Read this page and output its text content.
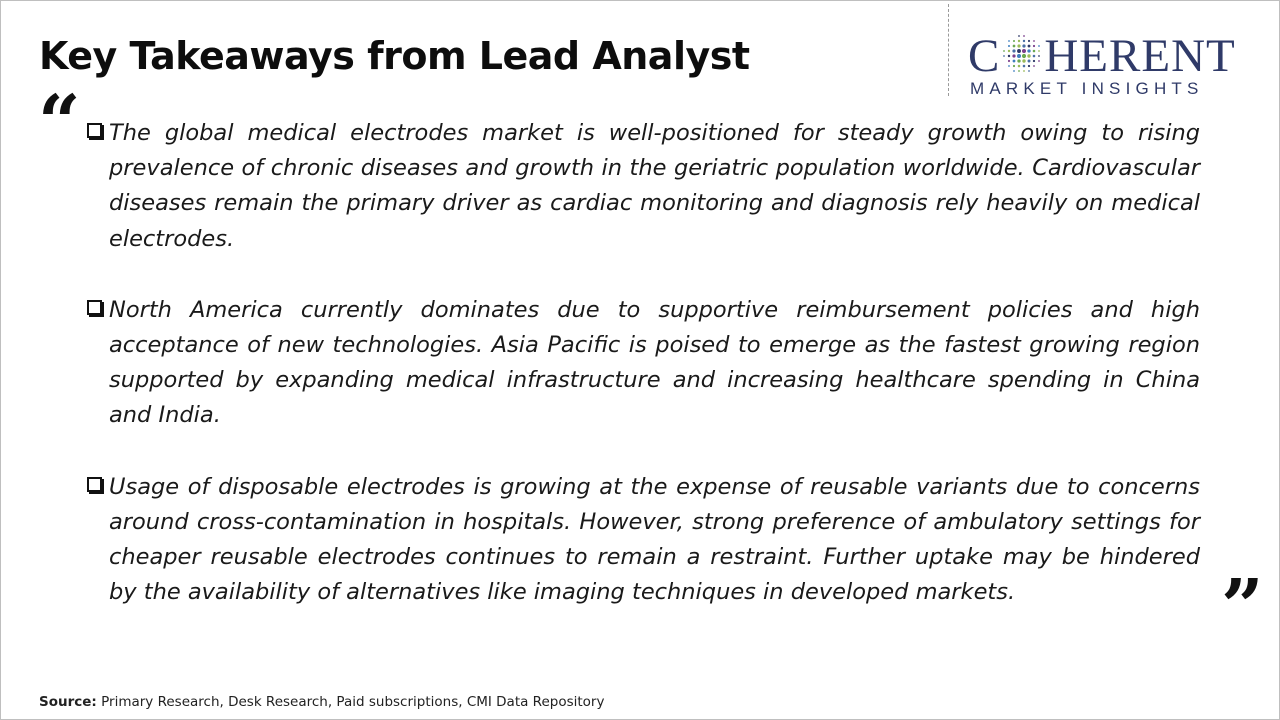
Key Takeaways from Lead Analyst	C HERENT
MARKET INSIGHTS
“
”
The global medical electrodes market is well-positioned for steady growth owing to rising prevalence of chronic diseases and growth in the geriatric population worldwide. Cardiovascular diseases remain the primary driver as cardiac monitoring and diagnosis rely heavily on medical electrodes.
North America currently dominates due to supportive reimbursement policies and high acceptance of new technologies. Asia Pacific is poised to emerge as the fastest growing region supported by expanding medical infrastructure and increasing healthcare spending in China and India.
Usage of disposable electrodes is growing at the expense of reusable variants due to concerns around cross-contamination in hospitals. However, strong preference of ambulatory settings for cheaper reusable electrodes continues to remain a restraint. Further uptake may be hindered by the availability of alternatives like imaging techniques in developed markets.
Source: Primary Research, Desk Research, Paid subscriptions, CMI Data Repository
